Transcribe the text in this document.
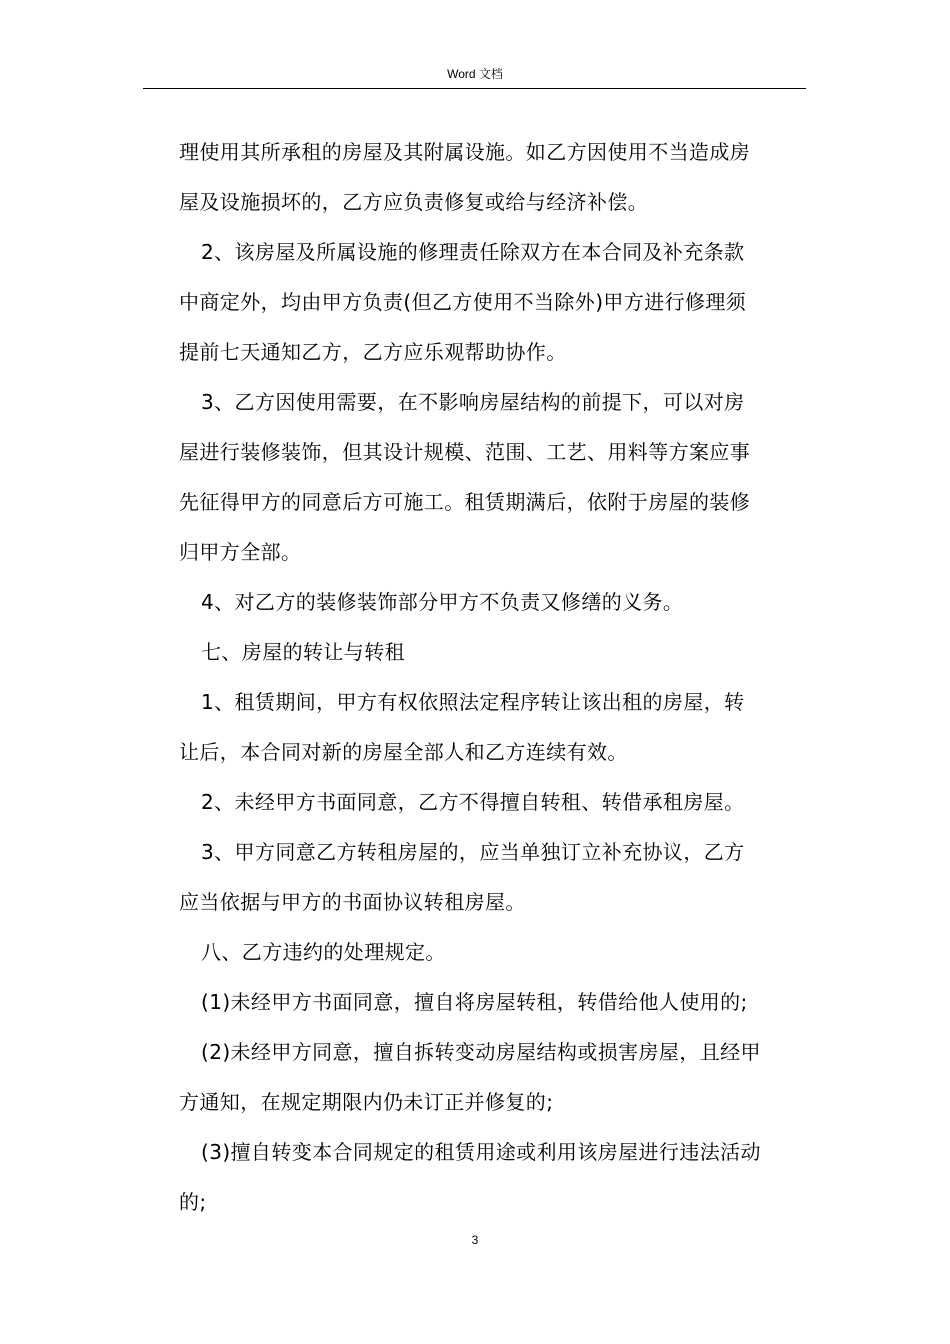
Word 文档
理使用其所承租的房屋及其附属设施。如乙方因使用不当造成房
屋及设施损坏的，乙方应负责修复或给与经济补偿。
2、该房屋及所属设施的修理责任除双方在本合同及补充条款
中商定外，均由甲方负责(但乙方使用不当除外)甲方进行修理须
提前七天通知乙方，乙方应乐观帮助协作。
3、乙方因使用需要，在不影响房屋结构的前提下，可以对房
屋进行装修装饰，但其设计规模、范围、工艺、用料等方案应事
先征得甲方的同意后方可施工。租赁期满后，依附于房屋的装修
归甲方全部。
4、对乙方的装修装饰部分甲方不负责又修缮的义务。
七、房屋的转让与转租
1、租赁期间，甲方有权依照法定程序转让该出租的房屋，转
让后，本合同对新的房屋全部人和乙方连续有效。
2、未经甲方书面同意，乙方不得擅自转租、转借承租房屋。
3、甲方同意乙方转租房屋的，应当单独订立补充协议，乙方
应当依据与甲方的书面协议转租房屋。
八、乙方违约的处理规定。
(1)未经甲方书面同意，擅自将房屋转租，转借给他人使用的;
(2)未经甲方同意，擅自拆转变动房屋结构或损害房屋，且经甲
方通知，在规定期限内仍未订正并修复的;
(3)擅自转变本合同规定的租赁用途或利用该房屋进行违法活动
的;
3
